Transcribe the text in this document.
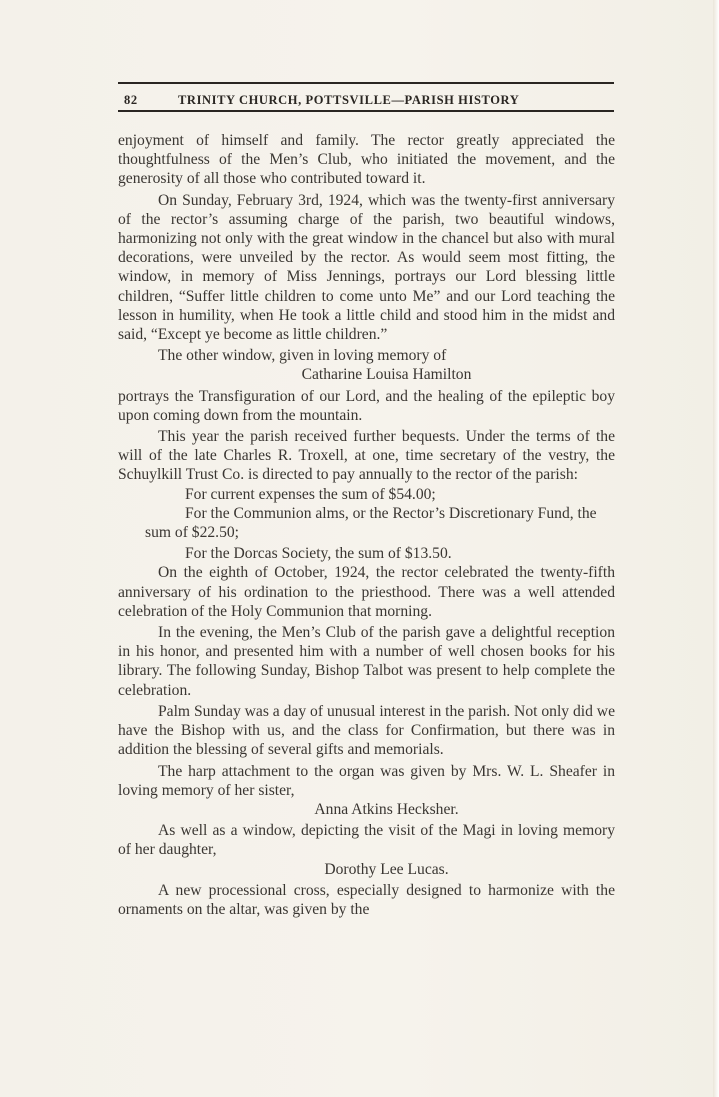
82	TRINITY CHURCH, POTTSVILLE—PARISH HISTORY

enjoyment of himself and family. The rector greatly appreciated the thoughtfulness of the Men’s Club, who initiated the movement, and the generosity of all those who contributed toward it.

On Sunday, February 3rd, 1924, which was the twenty-first anniversary of the rector’s assuming charge of the parish, two beautiful windows, harmonizing not only with the great window in the chancel but also with mural decorations, were unveiled by the rector. As would seem most fitting, the window, in memory of Miss Jennings, portrays our Lord blessing little children, “Suffer little children to come unto Me” and our Lord teaching the lesson in humility, when He took a little child and stood him in the midst and said, “Except ye become as little children.”

The other window, given in loving memory of

Catharine Louisa Hamilton

portrays the Transfiguration of our Lord, and the healing of the epileptic boy upon coming down from the mountain.

This year the parish received further bequests. Under the terms of the will of the late Charles R. Troxell, at one, time secretary of the vestry, the Schuylkill Trust Co. is directed to pay annually to the rector of the parish:

For current expenses the sum of $54.00;

For the Communion alms, or the Rector’s Discretionary Fund, the sum of $22.50;

For the Dorcas Society, the sum of $13.50.

On the eighth of October, 1924, the rector celebrated the twenty-fifth anniversary of his ordination to the priesthood. There was a well attended celebration of the Holy Communion that morning.

In the evening, the Men’s Club of the parish gave a delightful reception in his honor, and presented him with a number of well chosen books for his library. The following Sunday, Bishop Talbot was present to help complete the celebration.

Palm Sunday was a day of unusual interest in the parish. Not only did we have the Bishop with us, and the class for Confirmation, but there was in addition the blessing of several gifts and memorials.

The harp attachment to the organ was given by Mrs. W. L. Sheafer in loving memory of her sister,

Anna Atkins Hecksher.

As well as a window, depicting the visit of the Magi in loving memory of her daughter,

Dorothy Lee Lucas.

A new processional cross, especially designed to harmonize with the ornaments on the altar, was given by the
